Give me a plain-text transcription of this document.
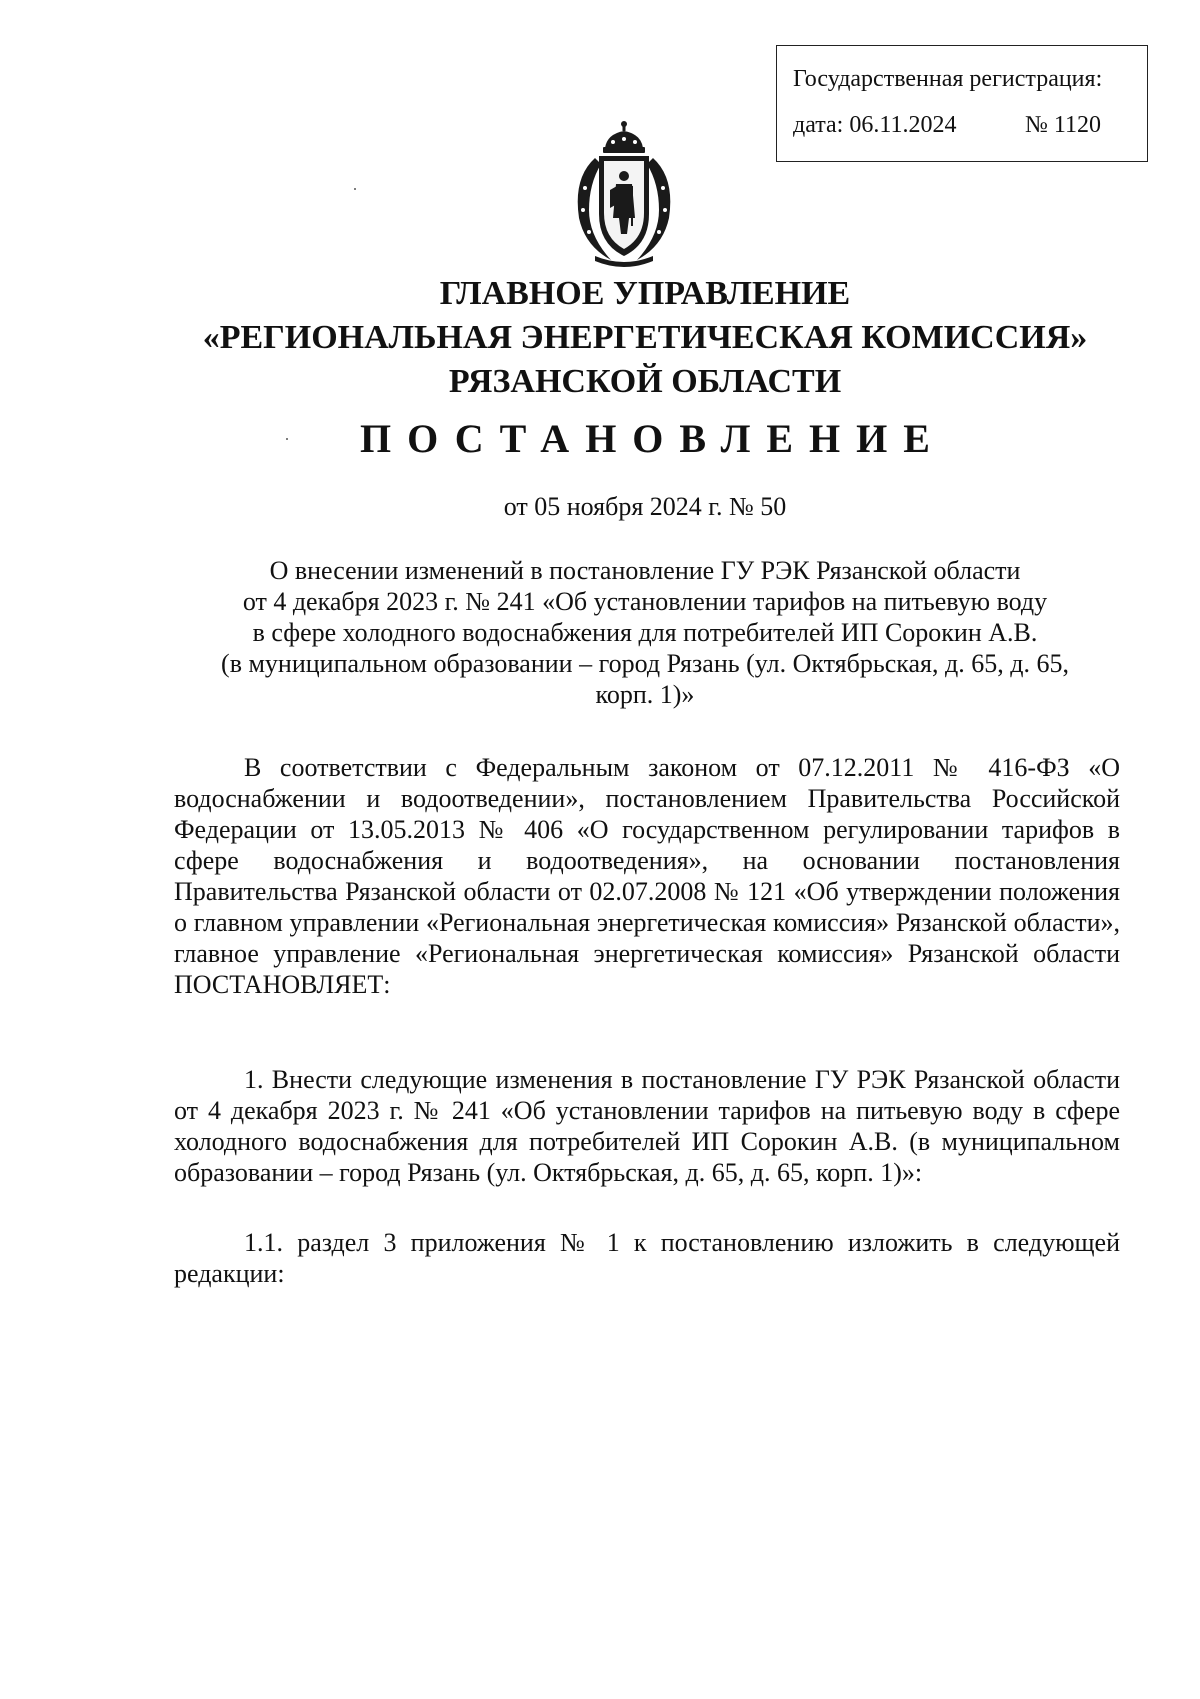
Государственная регистрация:
дата: 06.11.2024	№ 1120
ГЛАВНОЕ УПРАВЛЕНИЕ
«РЕГИОНАЛЬНАЯ ЭНЕРГЕТИЧЕСКАЯ КОМИССИЯ»
РЯЗАНСКОЙ ОБЛАСТИ
ПОСТАНОВЛЕНИЕ
от 05 ноября 2024 г. № 50
О внесении изменений в постановление ГУ РЭК Рязанской области
от 4 декабря 2023 г. № 241 «Об установлении тарифов на питьевую воду
в сфере холодного водоснабжения для потребителей ИП Сорокин А.В.
(в муниципальном образовании – город Рязань (ул. Октябрьская, д. 65, д. 65,
корп. 1)»

В соответствии с Федеральным законом от 07.12.2011 № 416-ФЗ «О водоснабжении и водоотведении», постановлением Правительства Российской Федерации от 13.05.2013 № 406 «О государственном регулировании тарифов в сфере водоснабжения и водоотведения», на основании постановления Правительства Рязанской области от 02.07.2008 № 121 «Об утверждении положения о главном управлении «Региональная энергетическая комиссия» Рязанской области», главное управление «Региональная энергетическая комиссия» Рязанской области ПОСТАНОВЛЯЕТ:

1. Внести следующие изменения в постановление ГУ РЭК Рязанской области от 4 декабря 2023 г. № 241 «Об установлении тарифов на питьевую воду в сфере холодного водоснабжения для потребителей ИП Сорокин А.В. (в муниципальном образовании – город Рязань (ул. Октябрьская, д. 65, д. 65, корп. 1)»:

1.1. раздел 3 приложения № 1 к постановлению изложить в следующей редакции:
